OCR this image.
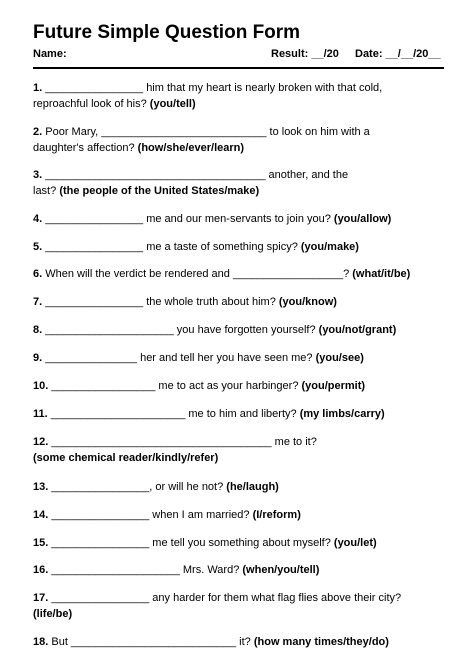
Future Simple Question Form
Name:	Result: __/20 Date: __/__/20__
1. ________________ him that my heart is nearly broken with that cold,
reproachful look of his? (you/tell)
2. Poor Mary, ___________________________ to look on him with a
daughter's affection? (how/she/ever/learn)
3. ____________________________________ another, and the
last? (the people of the United States/make)
4. ________________ me and our men-servants to join you? (you/allow)
5. ________________ me a taste of something spicy? (you/make)
6. When will the verdict be rendered and __________________? (what/it/be)
7. ________________ the whole truth about him? (you/know)
8. _____________________ you have forgotten yourself? (you/not/grant)
9. _______________ her and tell her you have seen me? (you/see)
10. _________________ me to act as your harbinger? (you/permit)
11. ______________________ me to him and liberty? (my limbs/carry)
12. ____________________________________ me to it?
(some chemical reader/kindly/refer)
13. ________________, or will he not? (he/laugh)
14. ________________ when I am married? (I/reform)
15. ________________ me tell you something about myself? (you/let)
16. _____________________ Mrs. Ward? (when/you/tell)
17. ________________ any harder for them what flag flies above their city?
(life/be)
18. But ___________________________ it? (how many times/they/do)
